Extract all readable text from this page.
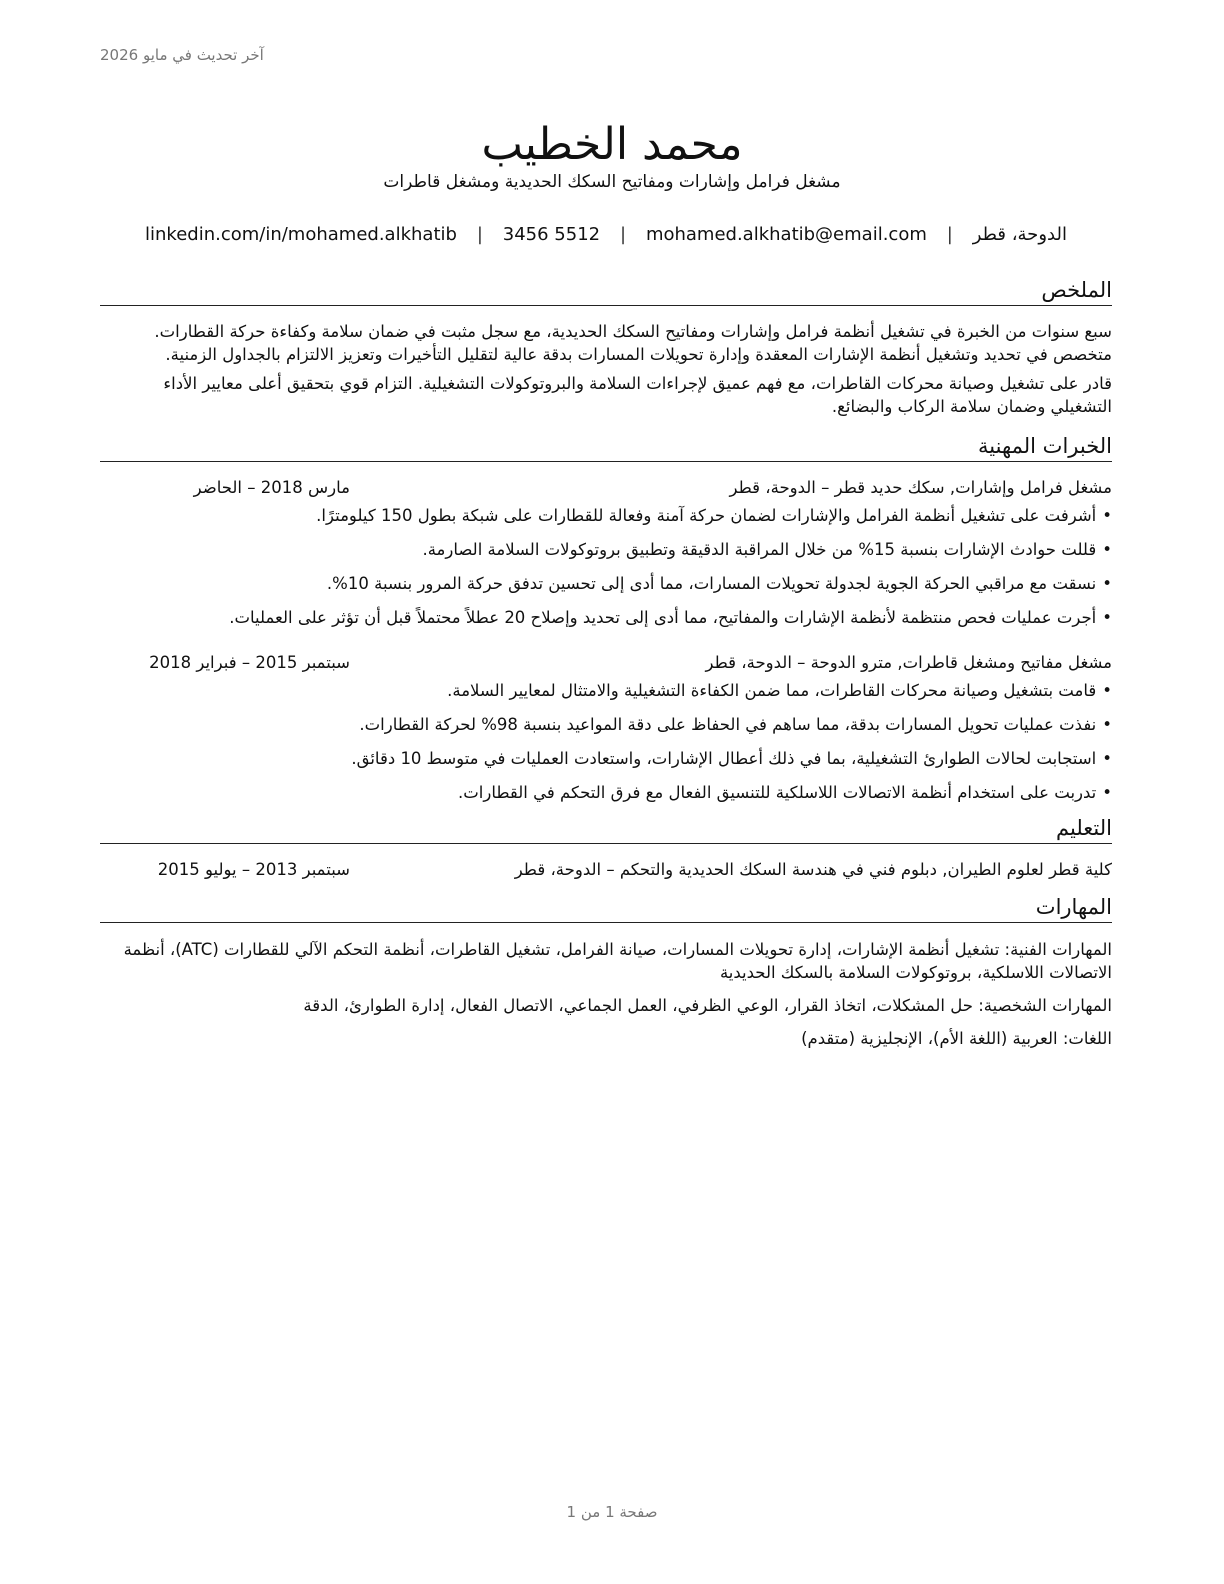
آخر تحديث في مايو 2026
محمد الخطيب
مشغل فرامل وإشارات ومفاتيح السكك الحديدية ومشغل قاطرات
linkedin.com/in/mohamed.alkhatib | 3456 5512 | mohamed.alkhatib@email.com | الدوحة، قطر
الملخص

سبع سنوات من الخبرة في تشغيل أنظمة فرامل وإشارات ومفاتيح السكك الحديدية، مع سجل مثبت في ضمان سلامة وكفاءة حركة القطارات. متخصص في تحديد وتشغيل أنظمة الإشارات المعقدة وإدارة تحويلات المسارات بدقة عالية لتقليل التأخيرات وتعزيز الالتزام بالجداول الزمنية.

قادر على تشغيل وصيانة محركات القاطرات، مع فهم عميق لإجراءات السلامة والبروتوكولات التشغيلية. التزام قوي بتحقيق أعلى معايير الأداء التشغيلي وضمان سلامة الركاب والبضائع.

الخبرات المهنية
مشغل فرامل وإشارات, سكك حديد قطر – الدوحة، قطر
مارس 2018 – الحاضر
•أشرفت على تشغيل أنظمة الفرامل والإشارات لضمان حركة آمنة وفعالة للقطارات على شبكة بطول 150 كيلومترًا.
•قللت حوادث الإشارات بنسبة 15% من خلال المراقبة الدقيقة وتطبيق بروتوكولات السلامة الصارمة.
•نسقت مع مراقبي الحركة الجوية لجدولة تحويلات المسارات، مما أدى إلى تحسين تدفق حركة المرور بنسبة 10%.
•أجرت عمليات فحص منتظمة لأنظمة الإشارات والمفاتيح، مما أدى إلى تحديد وإصلاح 20 عطلاً محتملاً قبل أن تؤثر على العمليات.
مشغل مفاتيح ومشغل قاطرات, مترو الدوحة – الدوحة، قطر
سبتمبر 2015 – فبراير 2018
•قامت بتشغيل وصيانة محركات القاطرات، مما ضمن الكفاءة التشغيلية والامتثال لمعايير السلامة.
•نفذت عمليات تحويل المسارات بدقة، مما ساهم في الحفاظ على دقة المواعيد بنسبة 98% لحركة القطارات.
•استجابت لحالات الطوارئ التشغيلية، بما في ذلك أعطال الإشارات، واستعادت العمليات في متوسط 10 دقائق.
•تدربت على استخدام أنظمة الاتصالات اللاسلكية للتنسيق الفعال مع فرق التحكم في القطارات.
التعليم
كلية قطر لعلوم الطيران, دبلوم فني في هندسة السكك الحديدية والتحكم – الدوحة، قطر
سبتمبر 2013 – يوليو 2015
المهارات

المهارات الفنية: تشغيل أنظمة الإشارات، إدارة تحويلات المسارات، صيانة الفرامل، تشغيل القاطرات، أنظمة التحكم الآلي للقطارات (ATC)، أنظمة الاتصالات اللاسلكية، بروتوكولات السلامة بالسكك الحديدية

المهارات الشخصية: حل المشكلات، اتخاذ القرار، الوعي الظرفي، العمل الجماعي، الاتصال الفعال، إدارة الطوارئ، الدقة

اللغات: العربية (اللغة الأم)، الإنجليزية (متقدم)

صفحة 1 من 1
